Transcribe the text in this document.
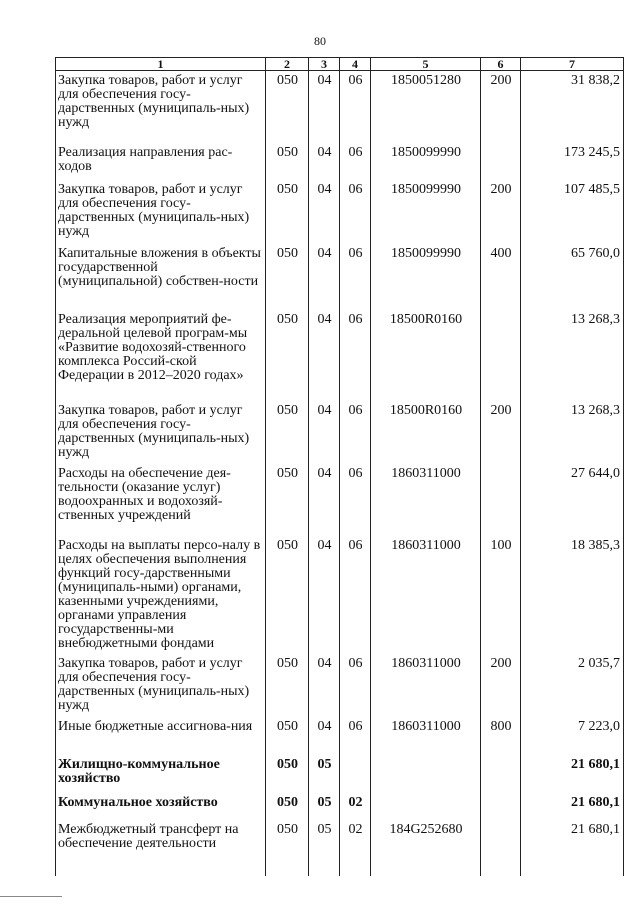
80
1	2	3	4	5	6	7
Закупка товаров, работ и услуг для обеспечения госу-дарственных (муниципаль-ных) нужд	050	04	06	1850051280	200	31 838,2
Реализация направления рас-ходов	050	04	06	1850099990		173 245,5
Закупка товаров, работ и услуг для обеспечения госу-дарственных (муниципаль-ных) нужд	050	04	06	1850099990	200	107 485,5
Капитальные вложения в объекты государственной (муниципальной) собствен-ности	050	04	06	1850099990	400	65 760,0
Реализация мероприятий фе-деральной целевой програм-мы «Развитие водохозяй-ственного комплекса Россий-ской Федерации в 2012–2020 годах»	050	04	06	18500R0160		13 268,3
Закупка товаров, работ и услуг для обеспечения госу-дарственных (муниципаль-ных) нужд	050	04	06	18500R0160	200	13 268,3
Расходы на обеспечение дея-тельности (оказание услуг) водоохранных и водохозяй-ственных учреждений	050	04	06	1860311000		27 644,0
Расходы на выплаты персо-налу в целях обеспечения выполнения функций госу-дарственными (муниципаль-ными) органами, казенными учреждениями, органами управления государственны-ми внебюджетными фондами	050	04	06	1860311000	100	18 385,3
Закупка товаров, работ и услуг для обеспечения госу-дарственных (муниципаль-ных) нужд	050	04	06	1860311000	200	2 035,7
Иные бюджетные ассигнова-ния	050	04	06	1860311000	800	7 223,0
Жилищно-коммунальное хозяйство	050	05				21 680,1
Коммунальное хозяйство	050	05	02			21 680,1
Межбюджетный трансферт на обеспечение деятельности	050	05	02	184G252680		21 680,1
